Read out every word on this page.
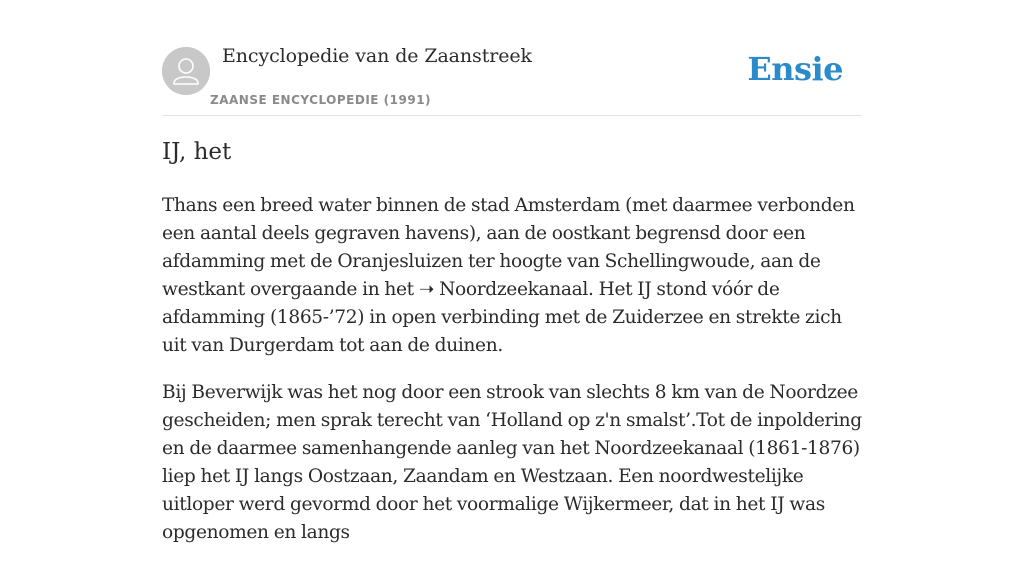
Encyclopedie van de Zaanstreek
ZAANSE ENCYCLOPEDIE (1991)
Ensie
IJ, het

Thans een breed water binnen de stad Amsterdam (met daarmee verbonden een aantal deels gegraven havens), aan de oostkant begrensd door een afdamming met de Oranjesluizen ter hoogte van Schellingwoude, aan de westkant overgaande in het ➝ Noordzeekanaal. Het IJ stond vóór de afdamming (1865-’72) in open verbinding met de Zuiderzee en strekte zich uit van Durgerdam tot aan de duinen.

Bij Beverwijk was het nog door een strook van slechts 8 km van de Noordzee gescheiden; men sprak terecht van ‘Holland op z'n smalst’.Tot de inpoldering en de daarmee samenhangende aanleg van het Noordzeekanaal (1861-1876) liep het IJ langs Oostzaan, Zaandam en Westzaan. Een noordwestelijke uitloper werd gevormd door het voormalige Wijkermeer, dat in het IJ was opgenomen en langs
